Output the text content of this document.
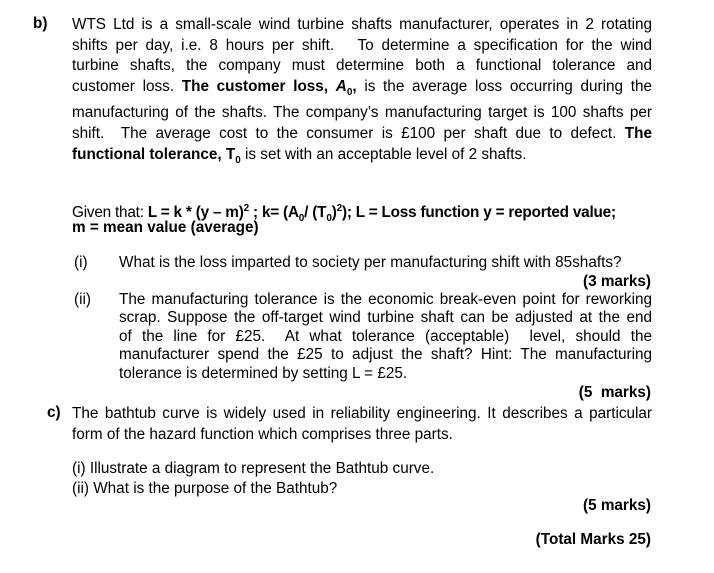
b) WTS Ltd is a small-scale wind turbine shafts manufacturer, operates in 2 rotating
shifts per day, i.e. 8 hours per shift.   To determine a specification for the wind
turbine shafts, the company must determine both a functional tolerance and
customer loss. The customer loss, $A_0$, is the average loss occurring during the
manufacturing of the shafts. The company’s manufacturing target is 100 shafts per
shift.  The average cost to the consumer is £100 per shaft due to defect. The
functional tolerance, $T_0$ is set with an acceptable level of 2 shafts.
Given that: L = k * (y – m)$^2$ ; $k= (A_0/$ $(T_0)^2$); L = Loss function y = reported value;
m = mean value (average)
(i) What is the loss imparted to society per manufacturing shift with 85shafts?
(3 marks)
(ii) The manufacturing tolerance is the economic break-even point for reworking
scrap. Suppose the off-target wind turbine shaft can be adjusted at the end
of the line for £25.  At what tolerance (acceptable)  level, should the
manufacturer spend the £25 to adjust the shaft? Hint: The manufacturing
tolerance is determined by setting L = £25.
(5  marks)
c) The bathtub curve is widely used in reliability engineering. It describes a particular
form of the hazard function which comprises three parts.
(i) Illustrate a diagram to represent the Bathtub curve.
(ii) What is the purpose of the Bathtub?
(5 marks)
(Total Marks 25)
